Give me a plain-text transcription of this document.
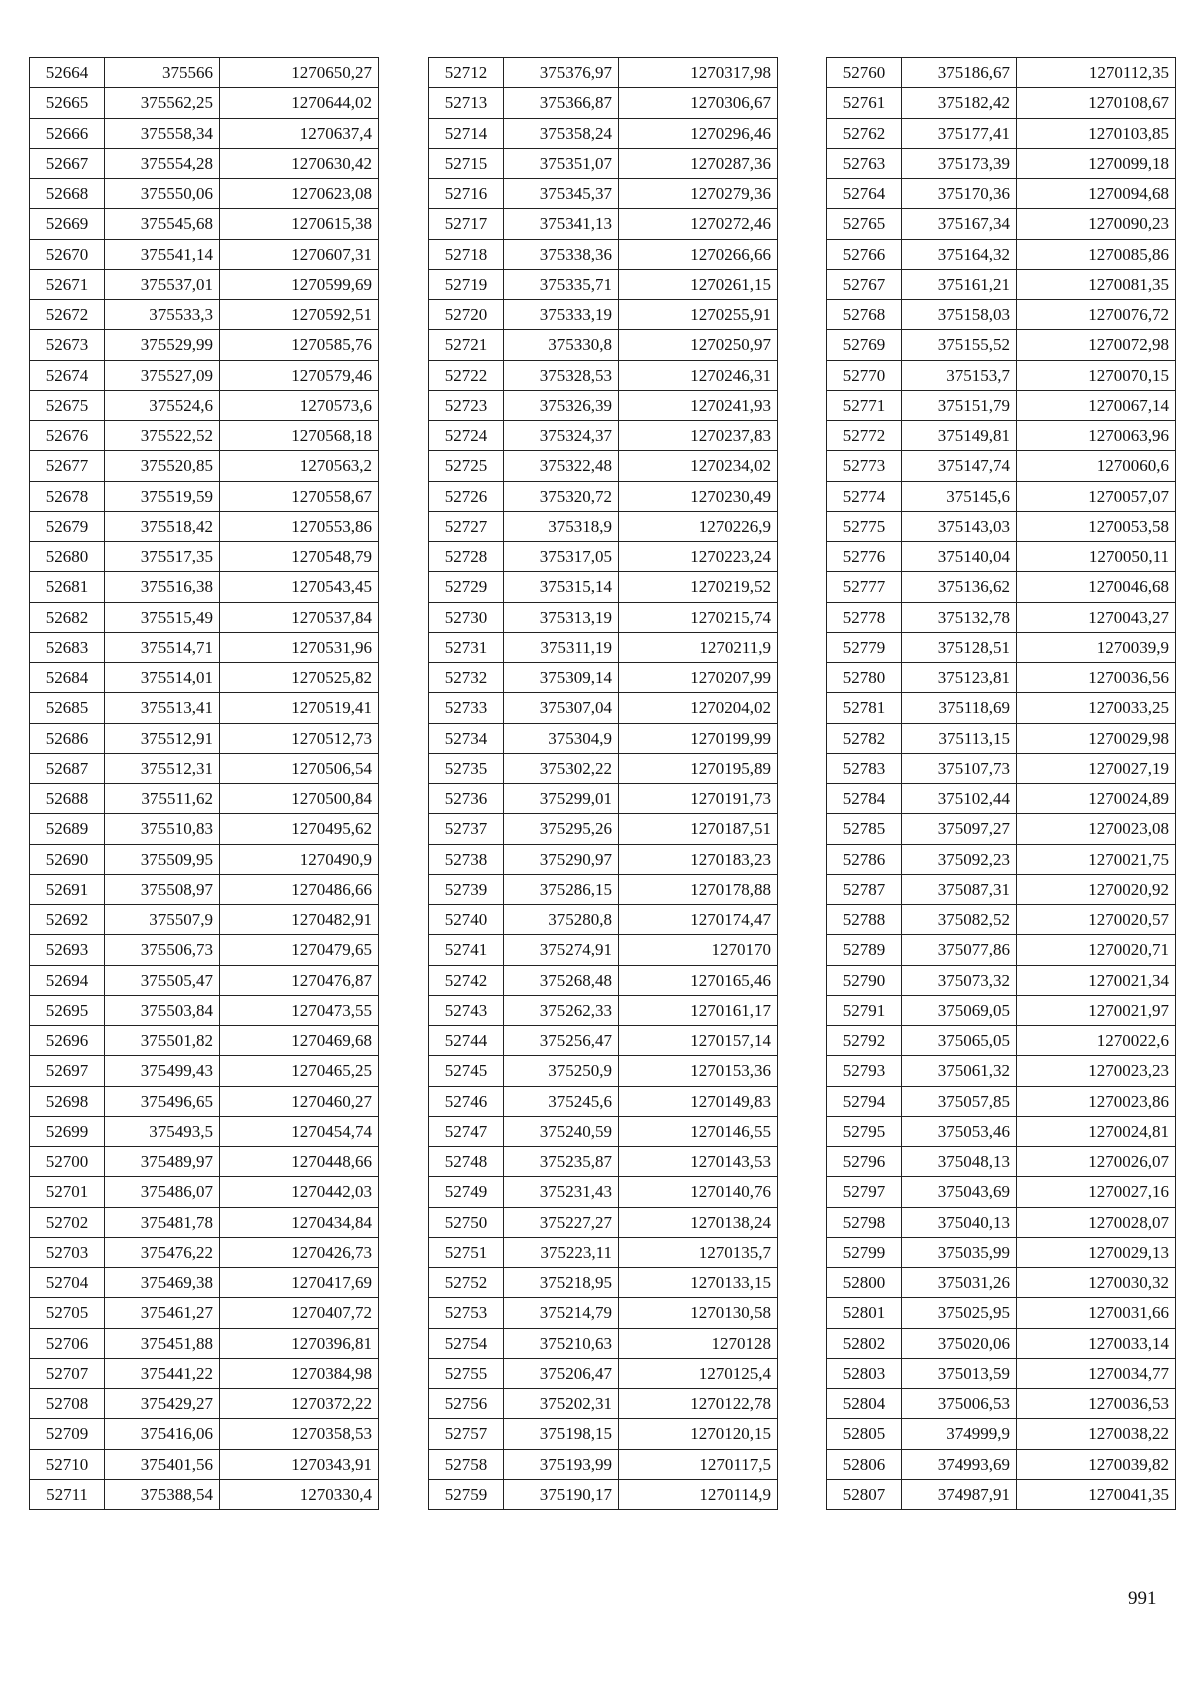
52664	375566	1270650,27
52665	375562,25	1270644,02
52666	375558,34	1270637,4
52667	375554,28	1270630,42
52668	375550,06	1270623,08
52669	375545,68	1270615,38
52670	375541,14	1270607,31
52671	375537,01	1270599,69
52672	375533,3	1270592,51
52673	375529,99	1270585,76
52674	375527,09	1270579,46
52675	375524,6	1270573,6
52676	375522,52	1270568,18
52677	375520,85	1270563,2
52678	375519,59	1270558,67
52679	375518,42	1270553,86
52680	375517,35	1270548,79
52681	375516,38	1270543,45
52682	375515,49	1270537,84
52683	375514,71	1270531,96
52684	375514,01	1270525,82
52685	375513,41	1270519,41
52686	375512,91	1270512,73
52687	375512,31	1270506,54
52688	375511,62	1270500,84
52689	375510,83	1270495,62
52690	375509,95	1270490,9
52691	375508,97	1270486,66
52692	375507,9	1270482,91
52693	375506,73	1270479,65
52694	375505,47	1270476,87
52695	375503,84	1270473,55
52696	375501,82	1270469,68
52697	375499,43	1270465,25
52698	375496,65	1270460,27
52699	375493,5	1270454,74
52700	375489,97	1270448,66
52701	375486,07	1270442,03
52702	375481,78	1270434,84
52703	375476,22	1270426,73
52704	375469,38	1270417,69
52705	375461,27	1270407,72
52706	375451,88	1270396,81
52707	375441,22	1270384,98
52708	375429,27	1270372,22
52709	375416,06	1270358,53
52710	375401,56	1270343,91
52711	375388,54	1270330,4
52712	375376,97	1270317,98
52713	375366,87	1270306,67
52714	375358,24	1270296,46
52715	375351,07	1270287,36
52716	375345,37	1270279,36
52717	375341,13	1270272,46
52718	375338,36	1270266,66
52719	375335,71	1270261,15
52720	375333,19	1270255,91
52721	375330,8	1270250,97
52722	375328,53	1270246,31
52723	375326,39	1270241,93
52724	375324,37	1270237,83
52725	375322,48	1270234,02
52726	375320,72	1270230,49
52727	375318,9	1270226,9
52728	375317,05	1270223,24
52729	375315,14	1270219,52
52730	375313,19	1270215,74
52731	375311,19	1270211,9
52732	375309,14	1270207,99
52733	375307,04	1270204,02
52734	375304,9	1270199,99
52735	375302,22	1270195,89
52736	375299,01	1270191,73
52737	375295,26	1270187,51
52738	375290,97	1270183,23
52739	375286,15	1270178,88
52740	375280,8	1270174,47
52741	375274,91	1270170
52742	375268,48	1270165,46
52743	375262,33	1270161,17
52744	375256,47	1270157,14
52745	375250,9	1270153,36
52746	375245,6	1270149,83
52747	375240,59	1270146,55
52748	375235,87	1270143,53
52749	375231,43	1270140,76
52750	375227,27	1270138,24
52751	375223,11	1270135,7
52752	375218,95	1270133,15
52753	375214,79	1270130,58
52754	375210,63	1270128
52755	375206,47	1270125,4
52756	375202,31	1270122,78
52757	375198,15	1270120,15
52758	375193,99	1270117,5
52759	375190,17	1270114,9
52760	375186,67	1270112,35
52761	375182,42	1270108,67
52762	375177,41	1270103,85
52763	375173,39	1270099,18
52764	375170,36	1270094,68
52765	375167,34	1270090,23
52766	375164,32	1270085,86
52767	375161,21	1270081,35
52768	375158,03	1270076,72
52769	375155,52	1270072,98
52770	375153,7	1270070,15
52771	375151,79	1270067,14
52772	375149,81	1270063,96
52773	375147,74	1270060,6
52774	375145,6	1270057,07
52775	375143,03	1270053,58
52776	375140,04	1270050,11
52777	375136,62	1270046,68
52778	375132,78	1270043,27
52779	375128,51	1270039,9
52780	375123,81	1270036,56
52781	375118,69	1270033,25
52782	375113,15	1270029,98
52783	375107,73	1270027,19
52784	375102,44	1270024,89
52785	375097,27	1270023,08
52786	375092,23	1270021,75
52787	375087,31	1270020,92
52788	375082,52	1270020,57
52789	375077,86	1270020,71
52790	375073,32	1270021,34
52791	375069,05	1270021,97
52792	375065,05	1270022,6
52793	375061,32	1270023,23
52794	375057,85	1270023,86
52795	375053,46	1270024,81
52796	375048,13	1270026,07
52797	375043,69	1270027,16
52798	375040,13	1270028,07
52799	375035,99	1270029,13
52800	375031,26	1270030,32
52801	375025,95	1270031,66
52802	375020,06	1270033,14
52803	375013,59	1270034,77
52804	375006,53	1270036,53
52805	374999,9	1270038,22
52806	374993,69	1270039,82
52807	374987,91	1270041,35
991
